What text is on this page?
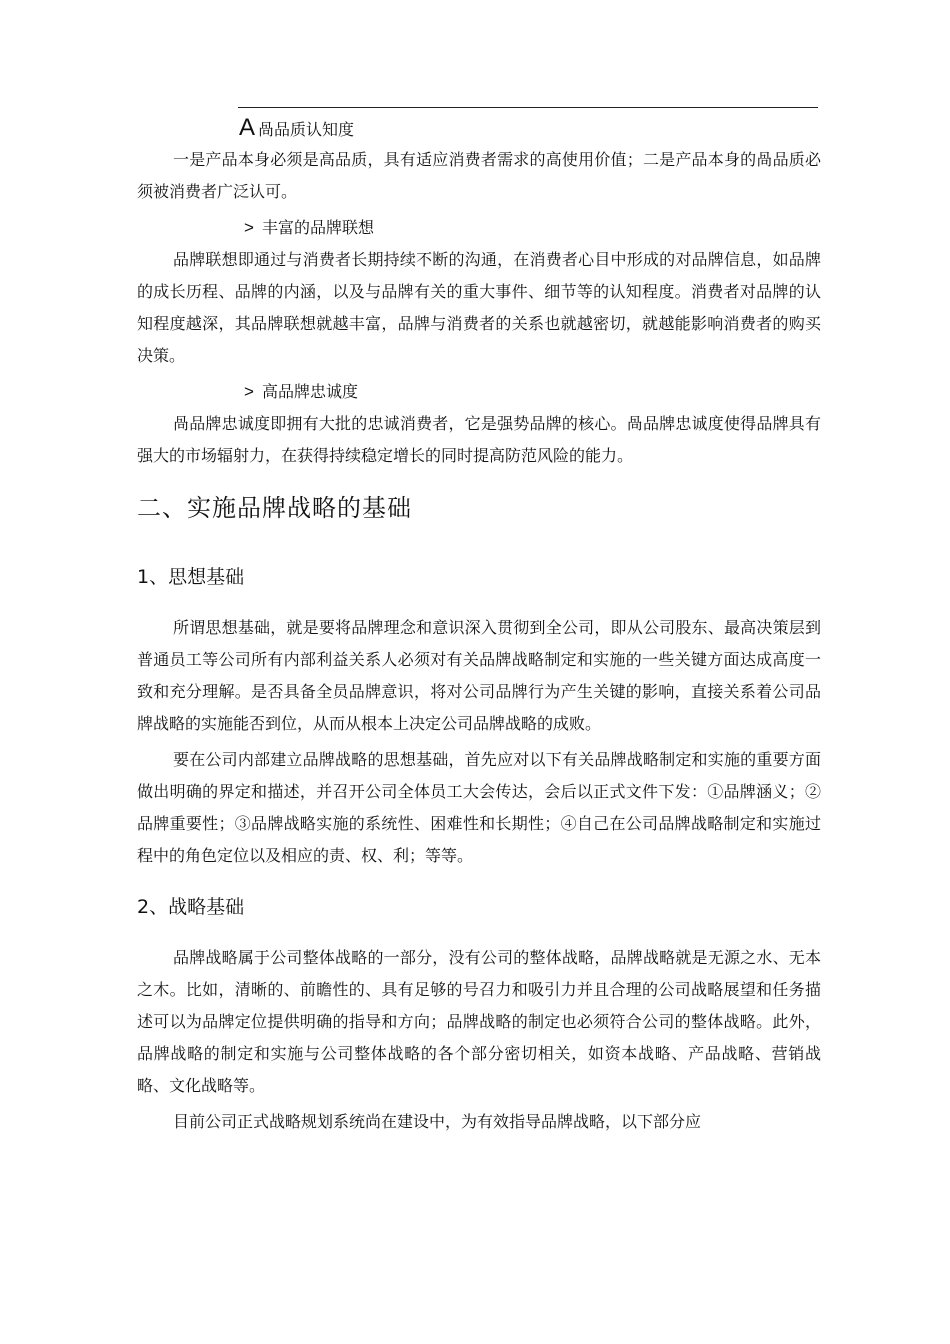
A咼品质认知度

一是产品本身必须是高品质，具有适应消费者需求的高使用价值；二是产品本身的咼品质必须被消费者广泛认可。

> 丰富的品牌联想

品牌联想即通过与消费者长期持续不断的沟通，在消费者心目中形成的对品牌信息，如品牌的成长历程、品牌的内涵，以及与品牌有关的重大事件、细节等的认知程度。消费者对品牌的认知程度越深，其品牌联想就越丰富，品牌与消费者的关系也就越密切，就越能影响消费者的购买决策。

> 高品牌忠诚度

咼品牌忠诚度即拥有大批的忠诚消费者，它是强势品牌的核心。咼品牌忠诚度使得品牌具有强大的市场辐射力，在获得持续稳定增长的同时提高防范风险的能力。

二、实施品牌战略的基础
1、思想基础

所谓思想基础，就是要将品牌理念和意识深入贯彻到全公司，即从公司股东、最高决策层到普通员工等公司所有内部利益关系人必须对有关品牌战略制定和实施的一些关键方面达成高度一致和充分理解。是否具备全员品牌意识，将对公司品牌行为产生关键的影响，直接关系着公司品牌战略的实施能否到位，从而从根本上决定公司品牌战略的成败。

要在公司内部建立品牌战略的思想基础，首先应对以下有关品牌战略制定和实施的重要方面做出明确的界定和描述，并召开公司全体员工大会传达，会后以正式文件下发：①品牌涵义；②品牌重要性；③品牌战略实施的系统性、困难性和长期性；④自己在公司品牌战略制定和实施过程中的角色定位以及相应的责、权、利；等等。

2、战略基础

品牌战略属于公司整体战略的一部分，没有公司的整体战略，品牌战略就是无源之水、无本之木。比如，清晰的、前瞻性的、具有足够的号召力和吸引力并且合理的公司战略展望和任务描述可以为品牌定位提供明确的指导和方向；品牌战略的制定也必须符合公司的整体战略。此外，品牌战略的制定和实施与公司整体战略的各个部分密切相关，如资本战略、产品战略、营销战略、文化战略等。

目前公司正式战略规划系统尚在建设中，为有效指导品牌战略，以下部分应
